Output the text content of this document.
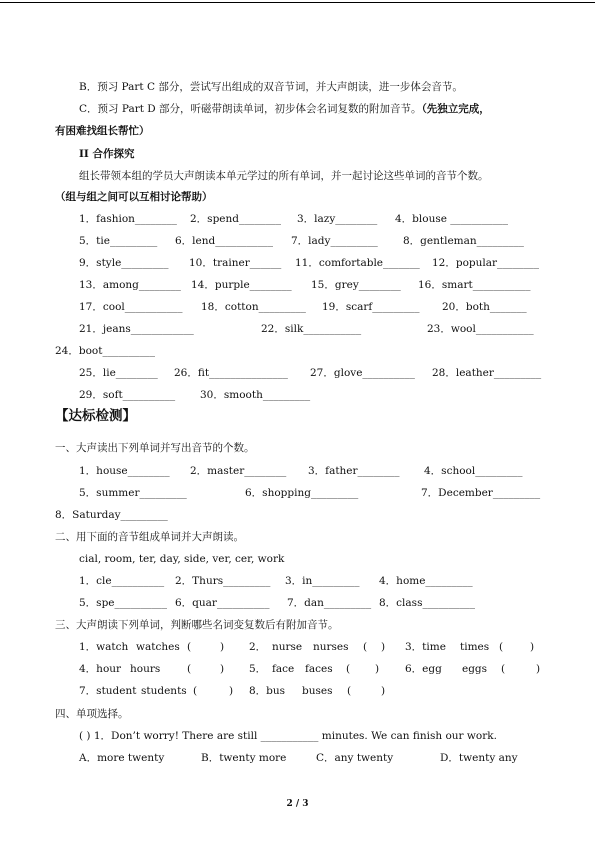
B．预习 Part C 部分，尝试写出组成的双音节词，并大声朗读，进一步体会音节。
C．预习 Part D 部分，听磁带朗读单词，初步体会名词复数的附加音节。（先独立完成，
有困难找组长帮忙）
II 合作探究
组长带领本组的学员大声朗读本单元学过的所有单词，并一起讨论这些单词的音节个数。
（组与组之间可以互相讨论帮助）
1．fashion________ 2．spend________ 3．lazy________ 4．blouse ___________
5．tie_________ 6．lend___________ 7．lady_________ 8．gentleman_________
9．style_________ 10．trainer______ 11．comfortable_______ 12．popular________
13．among________ 14．purple________ 15．grey________ 16．smart___________
17．cool___________ 18．cotton_________ 19．scarf_________ 20．both_______
21．jeans____________	22．silk___________	23．wool___________
24．boot__________
25．lie________ 26．fit_______________ 27．glove__________ 28．leather_________
29．soft__________ 30．smooth_________
【达标检测】
一、大声读出下列单词并写出音节的个数。
1．house________ 2．master________ 3．father________ 4．school_________
5．summer_________	6．shopping_________	7．December_________
8．Saturday_________
二、用下面的音节组成单词并大声朗读。
cial, room, ter, day, side, ver, cer, work
1．cle__________ 2．Thurs_________ 3．in_________ 4．home_________
5．spe__________ 6．quar__________ 7．dan_________ 8．class__________
三、大声朗读下列单词，判断哪些名词变复数后有附加音节。
1．watch watches (	) 2． nurse nurses ( ) 3．time times (	)
4．hour hours	(	) 5． face faces ( ) 6．egg eggs (	)
7．student students (	) 8．bus buses (	)
四、单项选择。
( ) 1．Don’t worry! There are still ___________ minutes. We can finish our work.
A．more twenty	B．twenty more	C．any twenty	D．twenty any
2 / 3
